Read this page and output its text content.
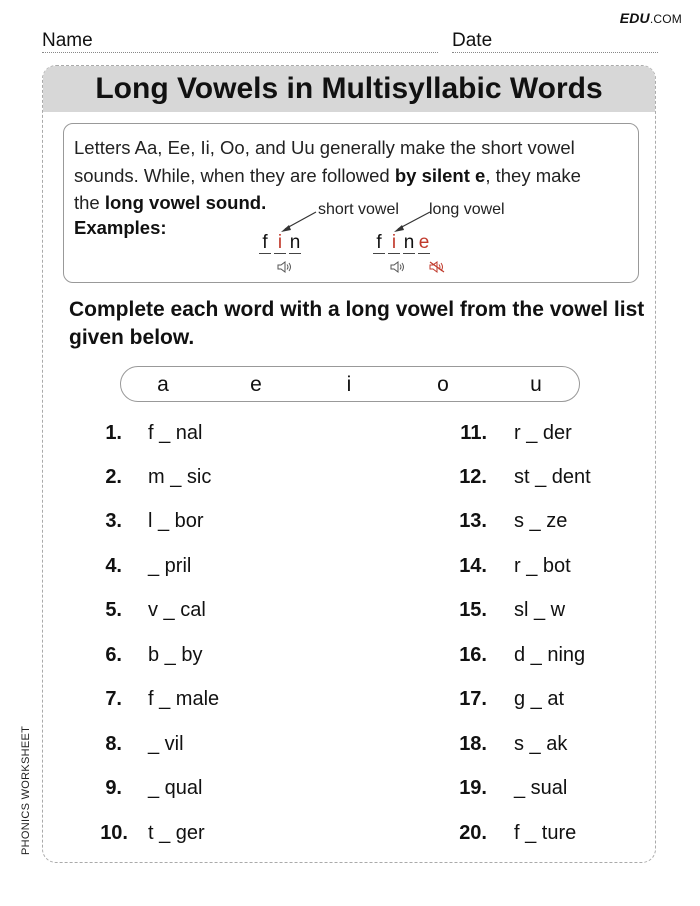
EDU.COM
Name	Date
Long Vowels in Multisyllabic Words
Letters Aa, Ee, Ii, Oo, and Uu generally make the short vowel
sounds. While, when they are followed by silent e, they make
the long vowel sound.
Examples:
short vowel long vowel
f i n	f i n e
Complete each word with a long vowel from the vowel list given below.
a	e	i	o	u
1. f _ nal
2. m _ sic
3. l _ bor
4. _ pril
5. v _ cal
6. b _ by
7. f _ male
8. _ vil
9. _ qual
10. t _ ger
11. r _ der
12. st _ dent
13. s _ ze
14. r _ bot
15. sl _ w
16. d _ ning
17. g _ at
18. s _ ak
19. _ sual
20. f _ ture
PHONICS WORKSHEET
